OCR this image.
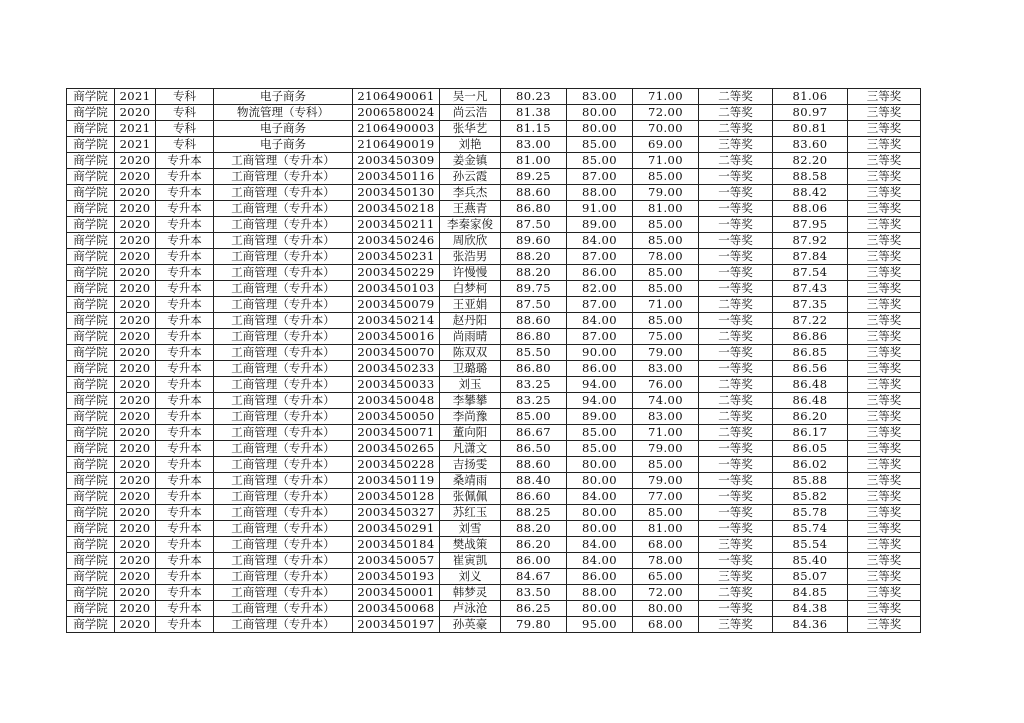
商学院	2021	专科	电子商务	2106490061	吴一凡	80.23	83.00	71.00	二等奖	81.06	三等奖
商学院	2020	专科	物流管理（专科）	2006580024	尚云浩	81.38	80.00	72.00	二等奖	80.97	三等奖
商学院	2021	专科	电子商务	2106490003	张华艺	81.15	80.00	70.00	二等奖	80.81	三等奖
商学院	2021	专科	电子商务	2106490019	刘艳	83.00	85.00	69.00	三等奖	83.60	三等奖
商学院	2020	专升本	工商管理（专升本）	2003450309	姜金镇	81.00	85.00	71.00	二等奖	82.20	三等奖
商学院	2020	专升本	工商管理（专升本）	2003450116	孙云霞	89.25	87.00	85.00	一等奖	88.58	三等奖
商学院	2020	专升本	工商管理（专升本）	2003450130	李兵杰	88.60	88.00	79.00	一等奖	88.42	三等奖
商学院	2020	专升本	工商管理（专升本）	2003450218	王燕青	86.80	91.00	81.00	一等奖	88.06	三等奖
商学院	2020	专升本	工商管理（专升本）	2003450211	李秦家俊	87.50	89.00	85.00	一等奖	87.95	三等奖
商学院	2020	专升本	工商管理（专升本）	2003450246	周欣欣	89.60	84.00	85.00	一等奖	87.92	三等奖
商学院	2020	专升本	工商管理（专升本）	2003450231	张浩男	88.20	87.00	78.00	一等奖	87.84	三等奖
商学院	2020	专升本	工商管理（专升本）	2003450229	许慢慢	88.20	86.00	85.00	一等奖	87.54	三等奖
商学院	2020	专升本	工商管理（专升本）	2003450103	白梦柯	89.75	82.00	85.00	一等奖	87.43	三等奖
商学院	2020	专升本	工商管理（专升本）	2003450079	王亚娟	87.50	87.00	71.00	二等奖	87.35	三等奖
商学院	2020	专升本	工商管理（专升本）	2003450214	赵丹阳	88.60	84.00	85.00	一等奖	87.22	三等奖
商学院	2020	专升本	工商管理（专升本）	2003450016	尚雨晴	86.80	87.00	75.00	二等奖	86.86	三等奖
商学院	2020	专升本	工商管理（专升本）	2003450070	陈双双	85.50	90.00	79.00	一等奖	86.85	三等奖
商学院	2020	专升本	工商管理（专升本）	2003450233	卫璐璐	86.80	86.00	83.00	一等奖	86.56	三等奖
商学院	2020	专升本	工商管理（专升本）	2003450033	刘玉	83.25	94.00	76.00	二等奖	86.48	三等奖
商学院	2020	专升本	工商管理（专升本）	2003450048	李攀攀	83.25	94.00	74.00	二等奖	86.48	三等奖
商学院	2020	专升本	工商管理（专升本）	2003450050	李尚豫	85.00	89.00	83.00	二等奖	86.20	三等奖
商学院	2020	专升本	工商管理（专升本）	2003450071	董向阳	86.67	85.00	71.00	二等奖	86.17	三等奖
商学院	2020	专升本	工商管理（专升本）	2003450265	凡潇文	86.50	85.00	79.00	一等奖	86.05	三等奖
商学院	2020	专升本	工商管理（专升本）	2003450228	吉扬雯	88.60	80.00	85.00	一等奖	86.02	三等奖
商学院	2020	专升本	工商管理（专升本）	2003450119	桑靖雨	88.40	80.00	79.00	一等奖	85.88	三等奖
商学院	2020	专升本	工商管理（专升本）	2003450128	张佩佩	86.60	84.00	77.00	一等奖	85.82	三等奖
商学院	2020	专升本	工商管理（专升本）	2003450327	苏红玉	88.25	80.00	85.00	一等奖	85.78	三等奖
商学院	2020	专升本	工商管理（专升本）	2003450291	刘雪	88.20	80.00	81.00	一等奖	85.74	三等奖
商学院	2020	专升本	工商管理（专升本）	2003450184	樊战策	86.20	84.00	68.00	三等奖	85.54	三等奖
商学院	2020	专升本	工商管理（专升本）	2003450057	崔寅凯	86.00	84.00	78.00	一等奖	85.40	三等奖
商学院	2020	专升本	工商管理（专升本）	2003450193	刘义	84.67	86.00	65.00	三等奖	85.07	三等奖
商学院	2020	专升本	工商管理（专升本）	2003450001	韩梦灵	83.50	88.00	72.00	二等奖	84.85	三等奖
商学院	2020	专升本	工商管理（专升本）	2003450068	卢泳沧	86.25	80.00	80.00	一等奖	84.38	三等奖
商学院	2020	专升本	工商管理（专升本）	2003450197	孙英豪	79.80	95.00	68.00	三等奖	84.36	三等奖
